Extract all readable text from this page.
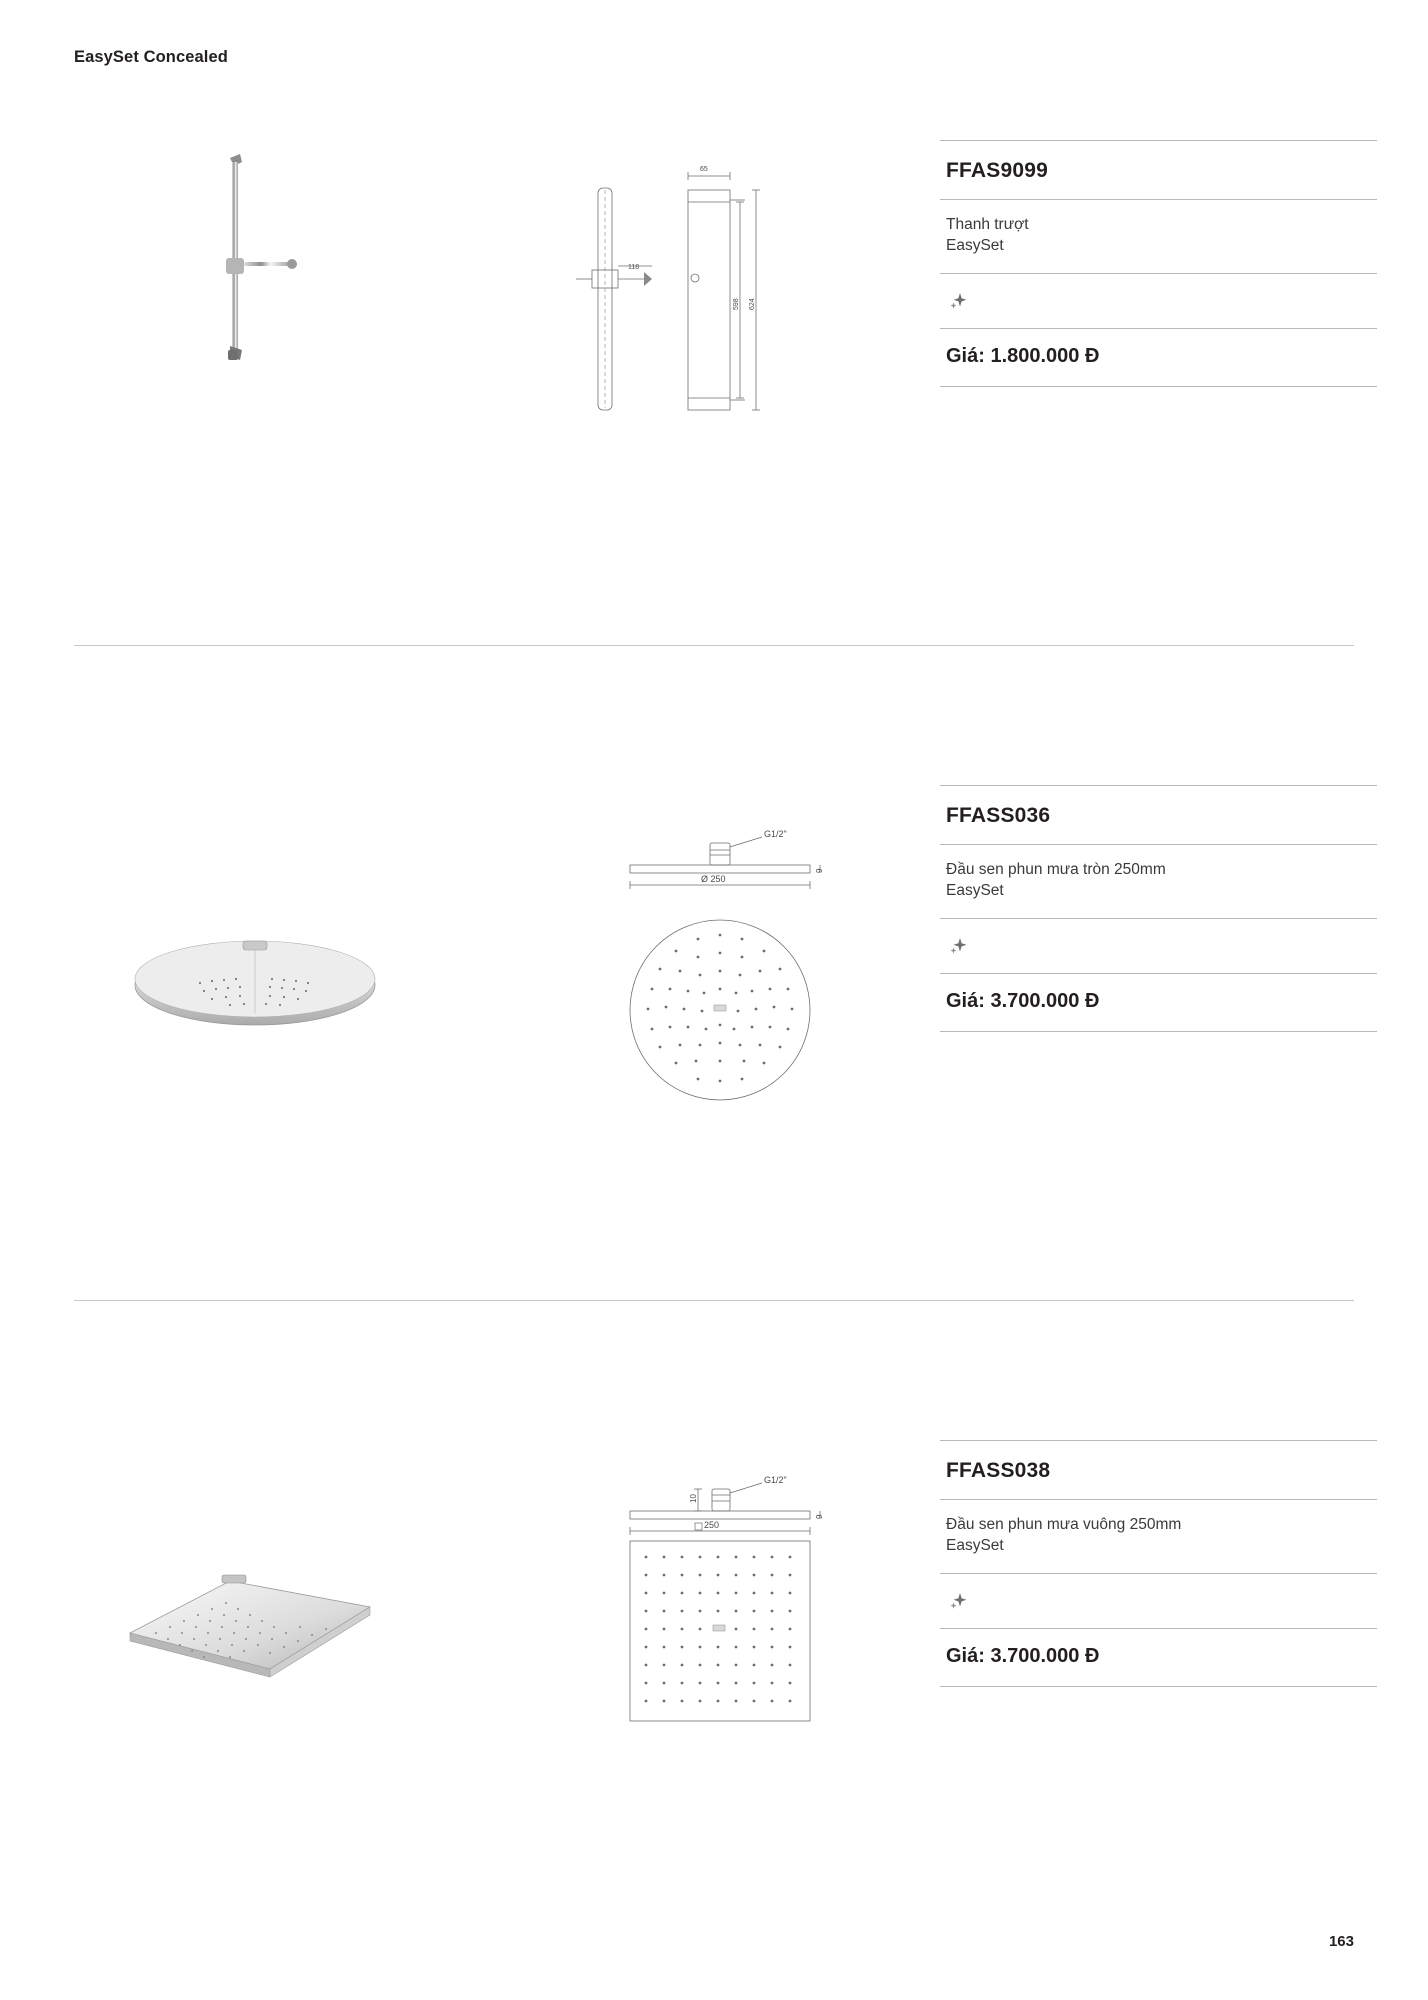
EasySet Concealed
118
65
598 624
FFAS9099
Thanh trượt
EasySet
Giá: 1.800.000 Đ
G1/2"
Ø 250
9
FFASS036
Đầu sen phun mưa tròn 250mm
EasySet
Giá: 3.700.000 Đ
G1/2"
10
250
9
FFASS038
Đầu sen phun mưa vuông 250mm
EasySet
Giá: 3.700.000 Đ
163
